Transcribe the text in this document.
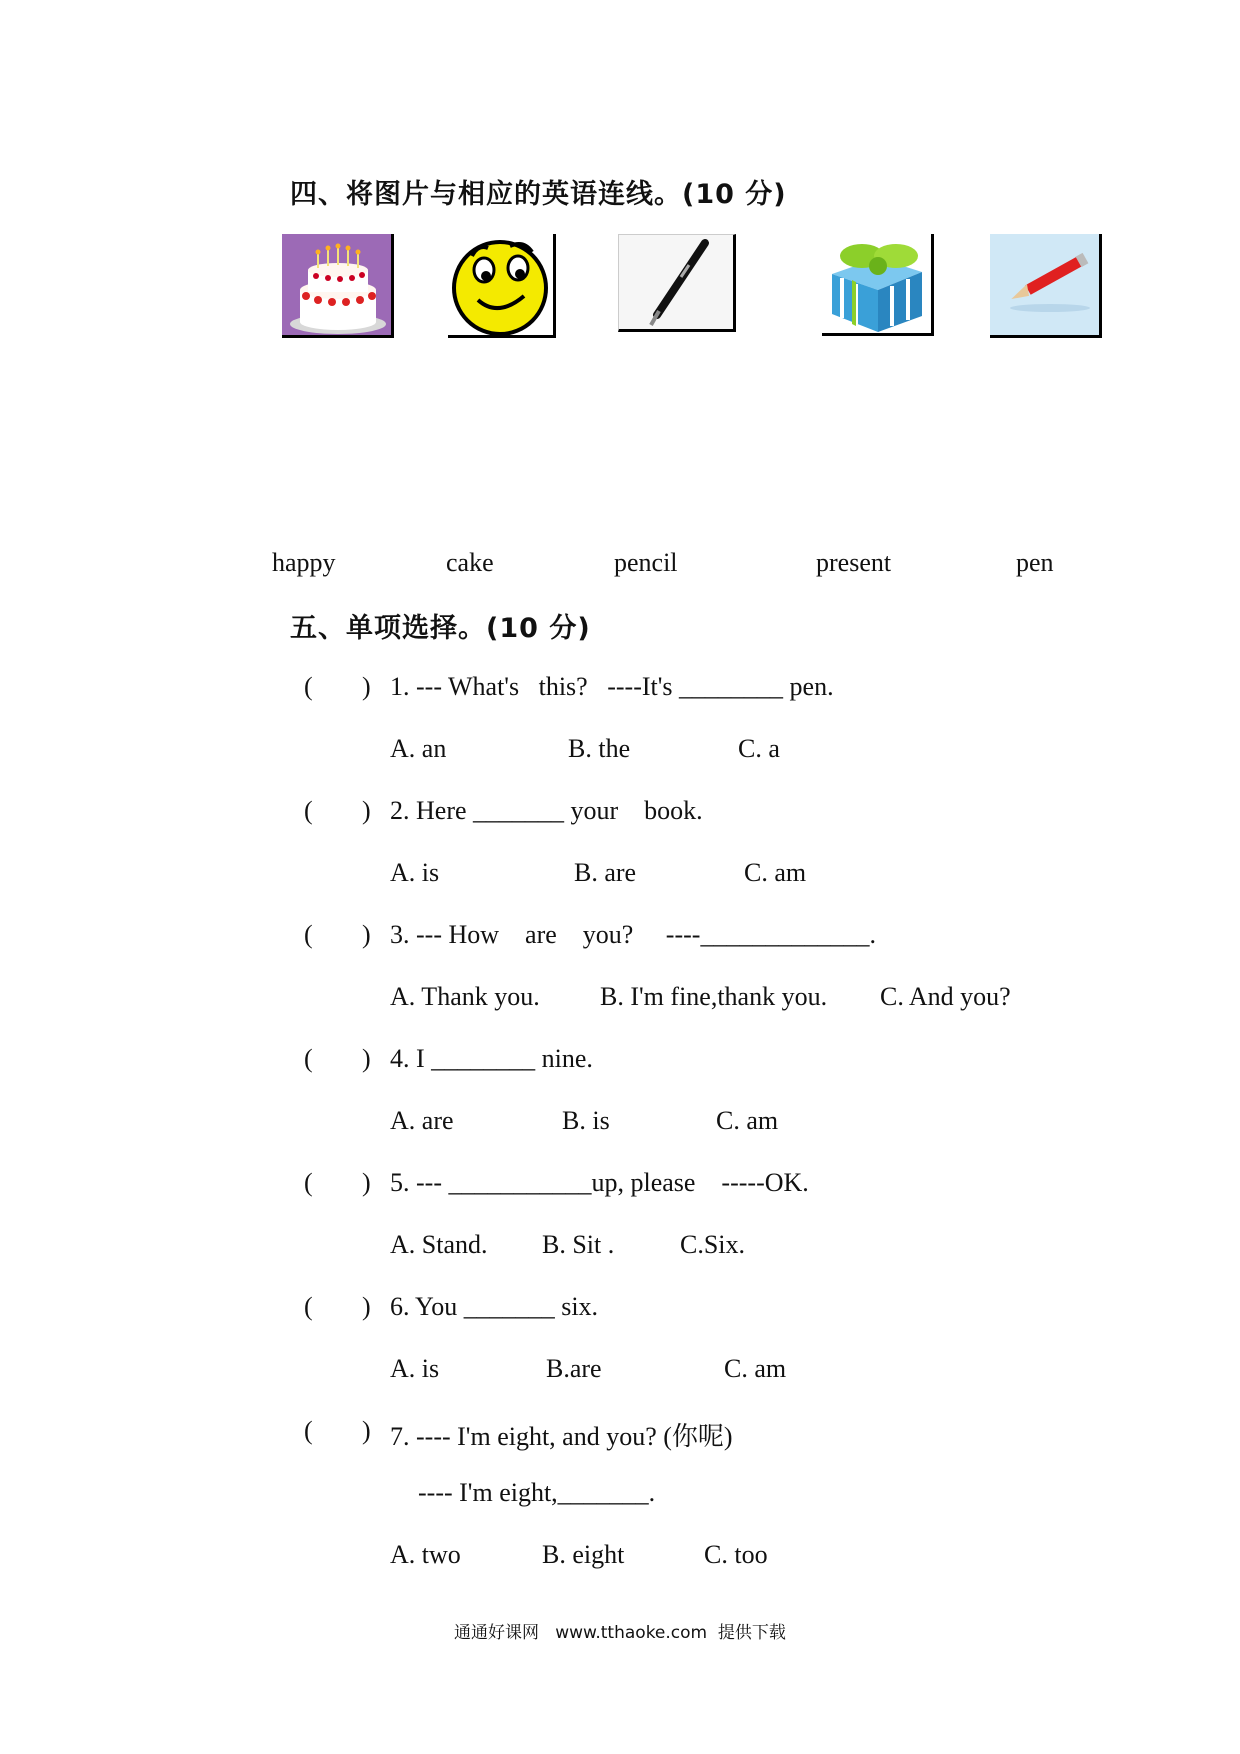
四、将图片与相应的英语连线。(10 分)
happy	cake	pencil	present	pen
五、单项选择。(10 分)
( ) 1. --- What's   this?   ----It's ________ pen.
A. an	B. the	C. a
( ) 2. Here _______ your    book.
A. is	B. are	C. am
( ) 3. --- How    are    you?     ----_____________.
A. Thank you. B. I'm fine,thank you. C. And you?
( ) 4. I ________ nine.
A. are	B. is	C. am
( ) 5. --- ___________up, please    -----OK.
A. Stand. B. Sit .	C.Six.
( ) 6. You _______ six.
A. is	B.are	C. am
( ) 7. ---- I'm eight, and you? (你呢)
---- I'm eight,_______.
A. two	B. eight	C. too
通通好课网   www.tthaoke.com  提供下载
